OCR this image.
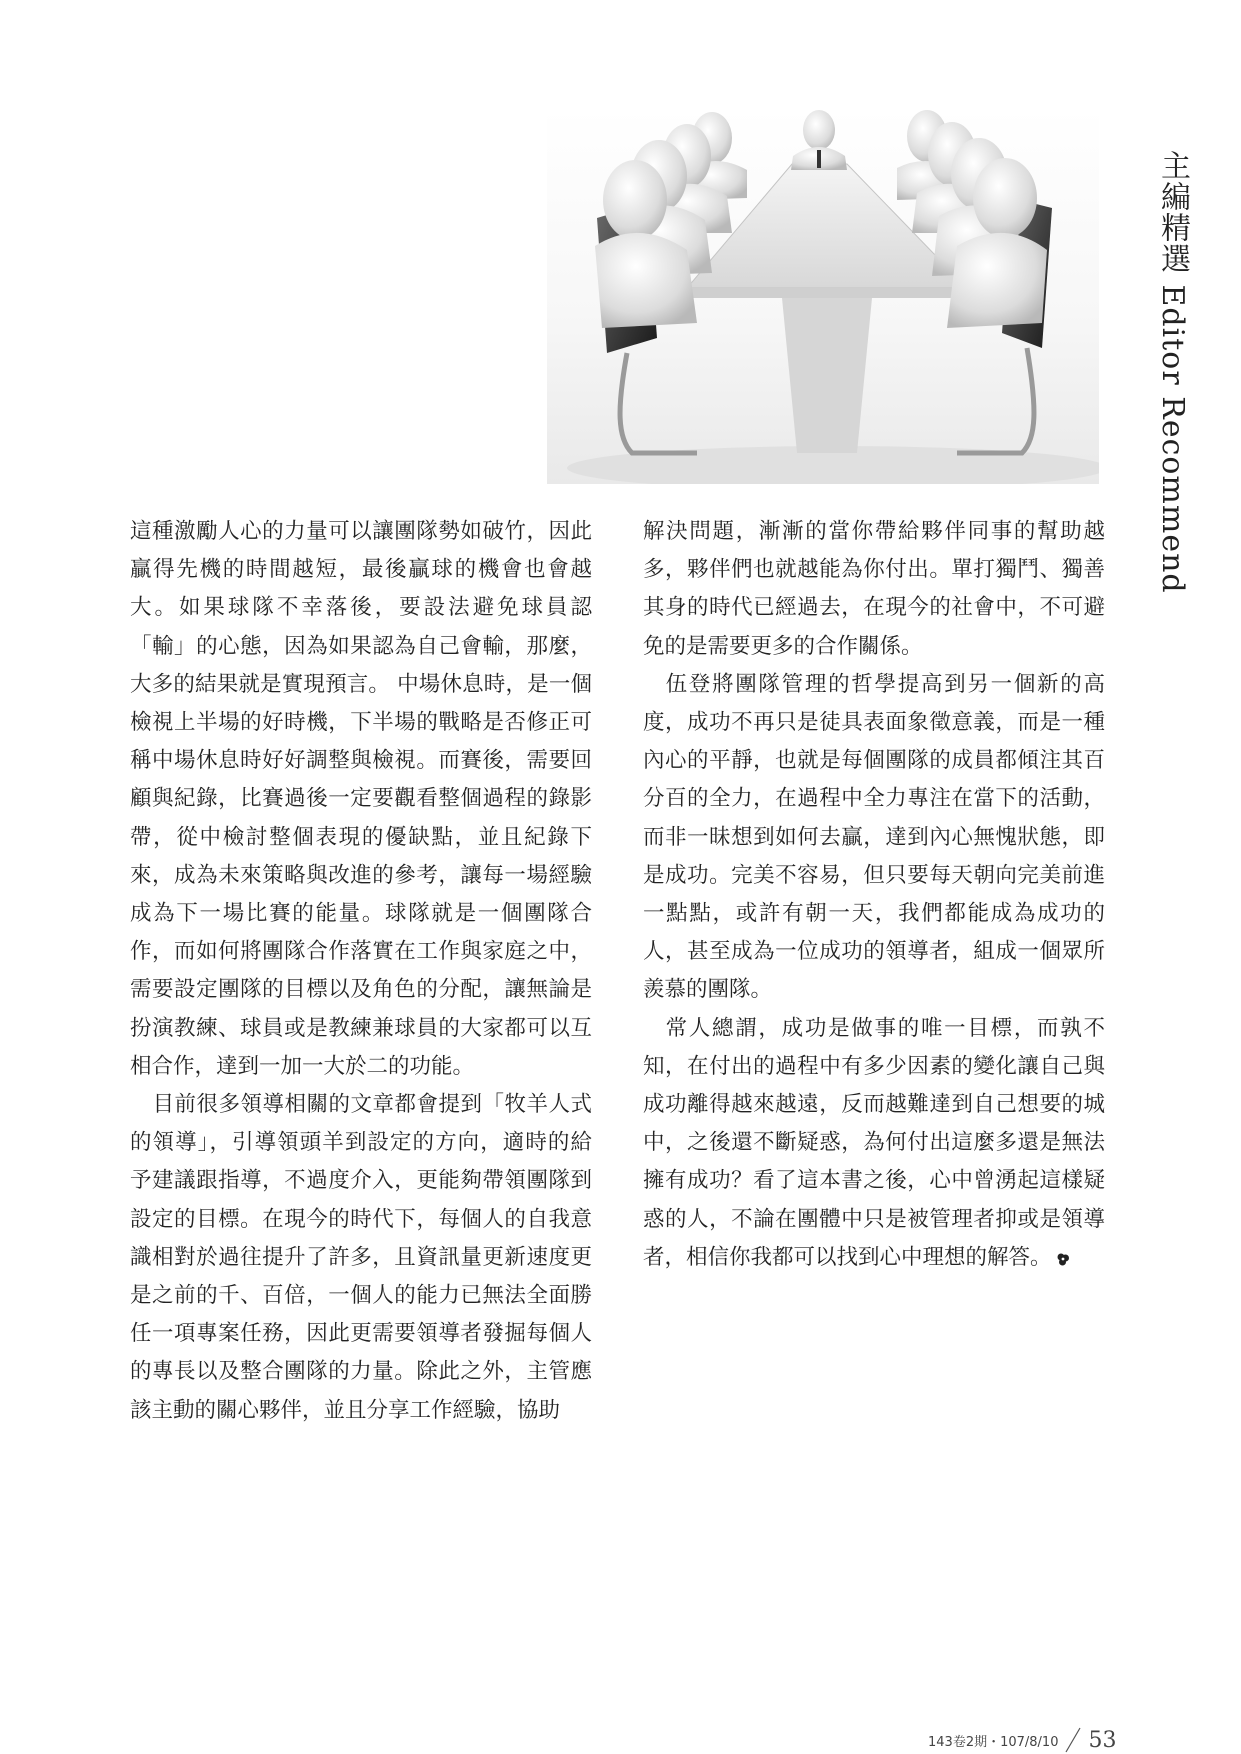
主編精選 Editor Recommend

這種激勵人心的力量可以讓團隊勢如破竹，因此贏得先機的時間越短，最後贏球的機會也會越大。如果球隊不幸落後，要設法避免球員認「輸」的心態，因為如果認為自己會輸，那麼，大多的結果就是實現預言。 中場休息時，是一個檢視上半場的好時機，下半場的戰略是否修正可稱中場休息時好好調整與檢視。而賽後，需要回顧與紀錄，比賽過後一定要觀看整個過程的錄影帶，從中檢討整個表現的優缺點，並且紀錄下來，成為未來策略與改進的參考，讓每一場經驗成為下一場比賽的能量。球隊就是一個團隊合作，而如何將團隊合作落實在工作與家庭之中，需要設定團隊的目標以及角色的分配，讓無論是扮演教練、球員或是教練兼球員的大家都可以互相合作，達到一加一大於二的功能。

目前很多領導相關的文章都會提到「牧羊人式的領導」，引導領頭羊到設定的方向，適時的給予建議跟指導，不過度介入，更能夠帶領團隊到設定的目標。在現今的時代下，每個人的自我意識相對於過往提升了許多，且資訊量更新速度更是之前的千、百倍，一個人的能力已無法全面勝任一項專案任務，因此更需要領導者發掘每個人的專長以及整合團隊的力量。除此之外，主管應該主動的關心夥伴，並且分享工作經驗，協助

解決問題，漸漸的當你帶給夥伴同事的幫助越多，夥伴們也就越能為你付出。單打獨鬥、獨善其身的時代已經過去，在現今的社會中，不可避免的是需要更多的合作關係。

伍登將團隊管理的哲學提高到另一個新的高度，成功不再只是徒具表面象徵意義，而是一種內心的平靜，也就是每個團隊的成員都傾注其百分百的全力，在過程中全力專注在當下的活動，而非一昧想到如何去贏，達到內心無愧狀態，即是成功。完美不容易，但只要每天朝向完美前進一點點，或許有朝一天，我們都能成為成功的人，甚至成為一位成功的領導者，組成一個眾所羨慕的團隊。

常人總謂，成功是做事的唯一目標，而孰不知，在付出的過程中有多少因素的變化讓自己與成功離得越來越遠，反而越難達到自己想要的城中，之後還不斷疑惑，為何付出這麼多還是無法擁有成功？看了這本書之後，心中曾湧起這樣疑惑的人，不論在團體中只是被管理者抑或是領導者，相信你我都可以找到心中理想的解答。

143卷2期・107/8/10 53
